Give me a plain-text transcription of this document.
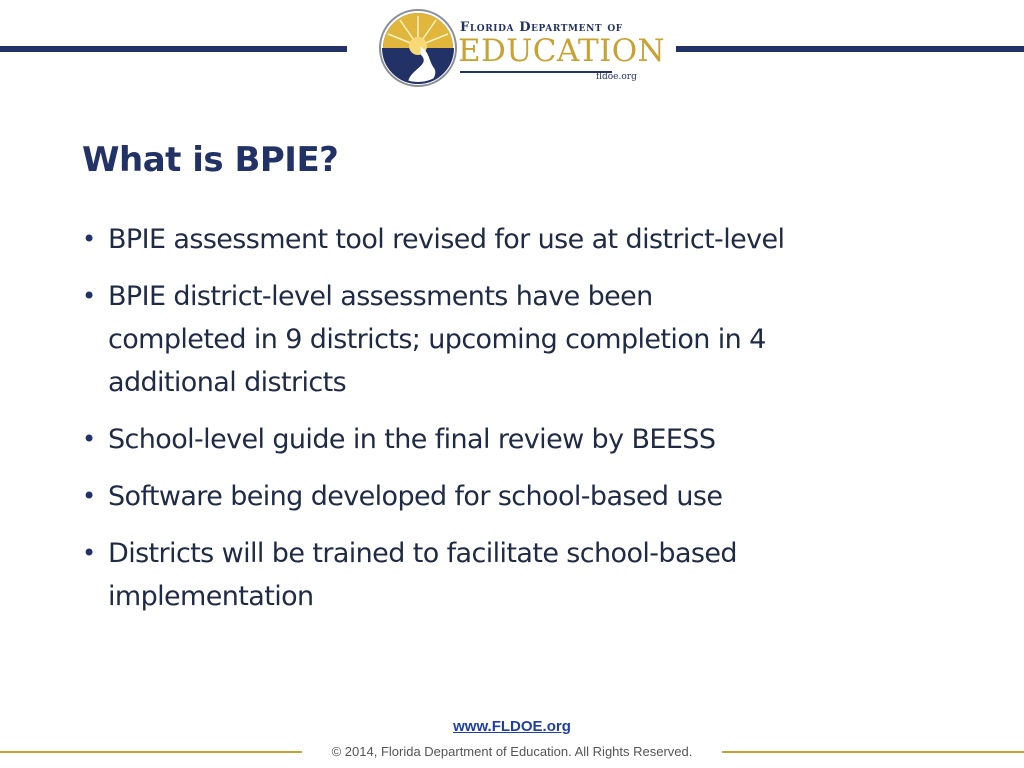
Florida Department of
EDUCATION
fldoe.org
What is BPIE?
• BPIE assessment tool revised for use at district-level
• BPIE district-level assessments have been
completed in 9 districts; upcoming completion in 4
additional districts
• School-level guide in the final review by BEESS
• Software being developed for school-based use
• Districts will be trained to facilitate school-based
implementation
www.FLDOE.org
© 2014, Florida Department of Education. All Rights Reserved.
